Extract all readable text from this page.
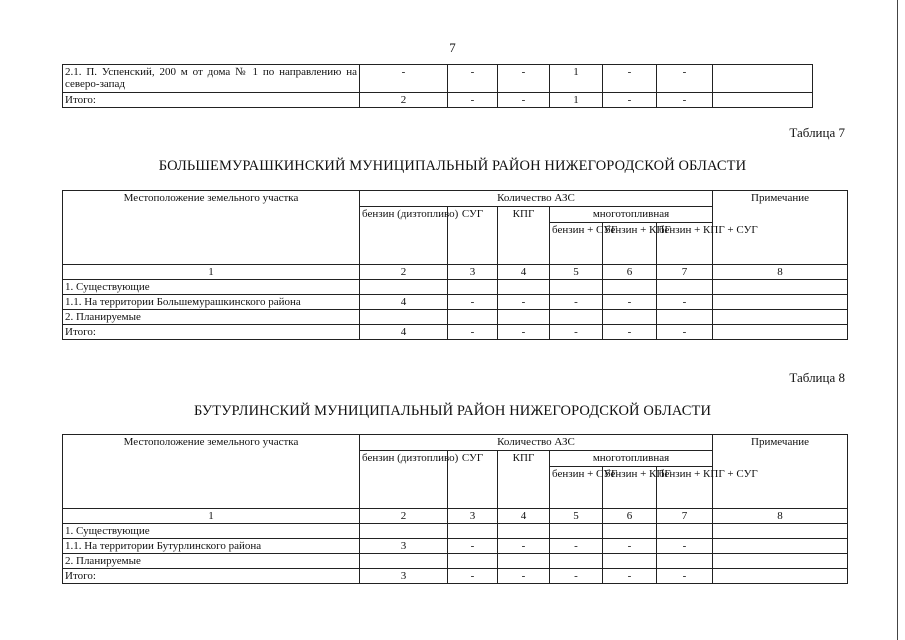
7
2.1. П. Успенский, 200 м от дома № 1 по направлению на северо-запад	-	-	-	1	-	-	
Итого:	2	-	-	1	-	-	
Таблица 7
БОЛЬШЕМУРАШКИНСКИЙ МУНИЦИПАЛЬНЫЙ РАЙОН НИЖЕГОРОДСКОЙ ОБЛАСТИ
Местоположение земельного участка	Количество АЗС						Примечание
	бензин (дизтопливо)	СУГ	КПГ	многотопливная			
				бензин + СУГ	бензин + КПГ	бензин + КПГ + СУГ	
1	2	3	4	5	6	7	8
1. Существующие							
1.1. На территории Большемурашкинского района	4	-	-	-	-	-	
2. Планируемые							
Итого:	4	-	-	-	-	-	
Таблица 8
БУТУРЛИНСКИЙ МУНИЦИПАЛЬНЫЙ РАЙОН НИЖЕГОРОДСКОЙ ОБЛАСТИ
Местоположение земельного участка	Количество АЗС						Примечание
	бензин (дизтопливо)	СУГ	КПГ	многотопливная			
				бензин + СУГ	бензин + КПГ	бензин + КПГ + СУГ	
1	2	3	4	5	6	7	8
1. Существующие							
1.1. На территории Бутурлинского района	3	-	-	-	-	-	
2. Планируемые							
Итого:	3	-	-	-	-	-	
